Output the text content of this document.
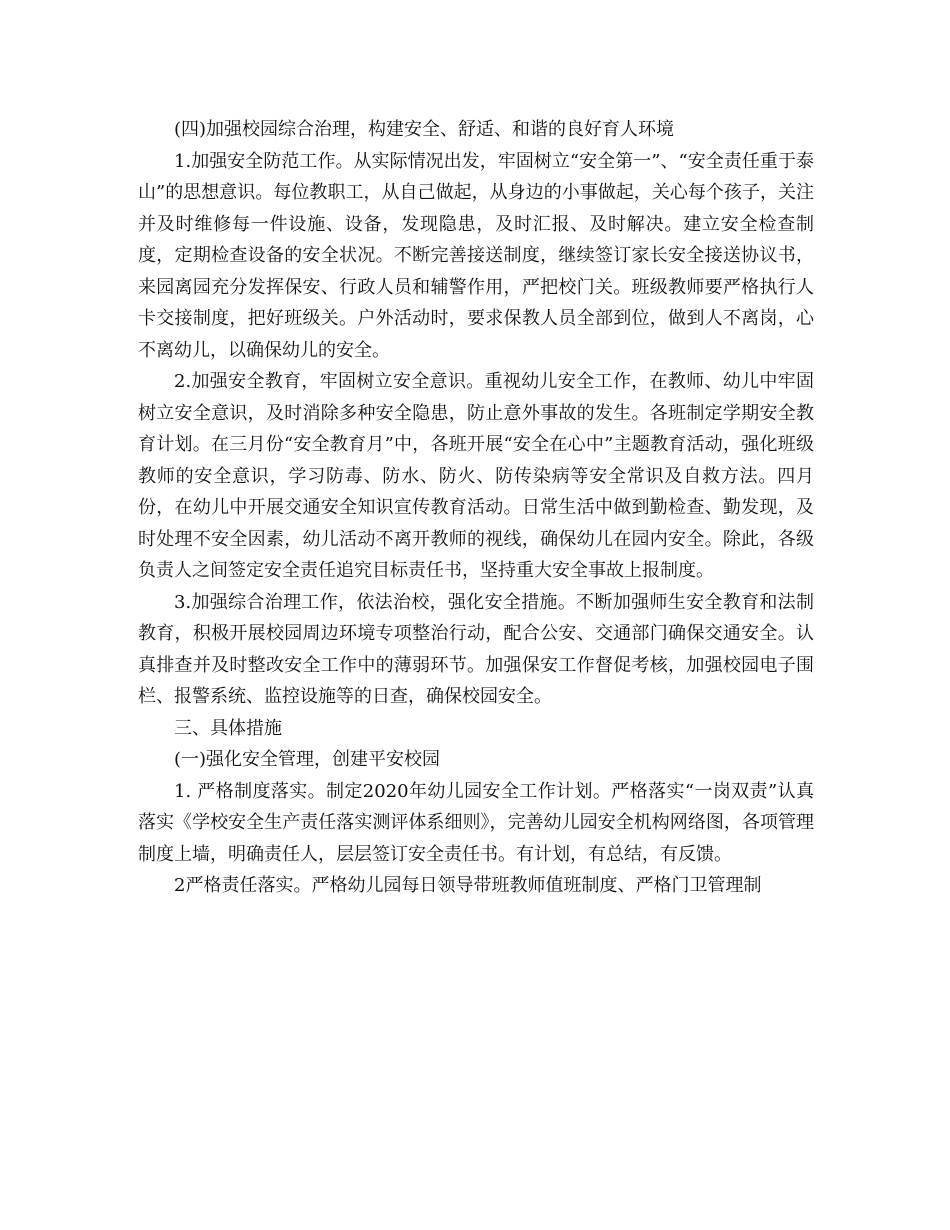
(四)加强校园综合治理，构建安全、舒适、和谐的良好育人环境

1.加强安全防范工作。从实际情况出发，牢固树立“安全第一”、“安全责任重于泰山”的思想意识。每位教职工，从自己做起，从身边的小事做起，关心每个孩子，关注并及时维修每一件设施、设备，发现隐患，及时汇报、及时解决。建立安全检查制度，定期检查设备的安全状况。不断完善接送制度，继续签订家长安全接送协议书，来园离园充分发挥保安、行政人员和辅警作用，严把校门关。班级教师要严格执行人卡交接制度，把好班级关。户外活动时，要求保教人员全部到位，做到人不离岗，心不离幼儿，以确保幼儿的安全。

2.加强安全教育，牢固树立安全意识。重视幼儿安全工作，在教师、幼儿中牢固树立安全意识，及时消除多种安全隐患，防止意外事故的发生。各班制定学期安全教育计划。在三月份“安全教育月”中，各班开展“安全在心中”主题教育活动，强化班级教师的安全意识，学习防毒、防水、防火、防传染病等安全常识及自救方法。四月份，在幼儿中开展交通安全知识宣传教育活动。日常生活中做到勤检查、勤发现，及时处理不安全因素，幼儿活动不离开教师的视线，确保幼儿在园内安全。除此，各级负责人之间签定安全责任追究目标责任书，坚持重大安全事故上报制度。

3.加强综合治理工作，依法治校，强化安全措施。不断加强师生安全教育和法制教育，积极开展校园周边环境专项整治行动，配合公安、交通部门确保交通安全。认真排查并及时整改安全工作中的薄弱环节。加强保安工作督促考核，加强校园电子围栏、报警系统、监控设施等的日查，确保校园安全。

三、具体措施

(一)强化安全管理，创建平安校园

1. 严格制度落实。制定2020年幼儿园安全工作计划。严格落实“一岗双责”认真落实《学校安全生产责任落实测评体系细则》，完善幼儿园安全机构网络图，各项管理制度上墙，明确责任人，层层签订安全责任书。有计划，有总结，有反馈。

2严格责任落实。严格幼儿园每日领导带班教师值班制度、严格门卫管理制
